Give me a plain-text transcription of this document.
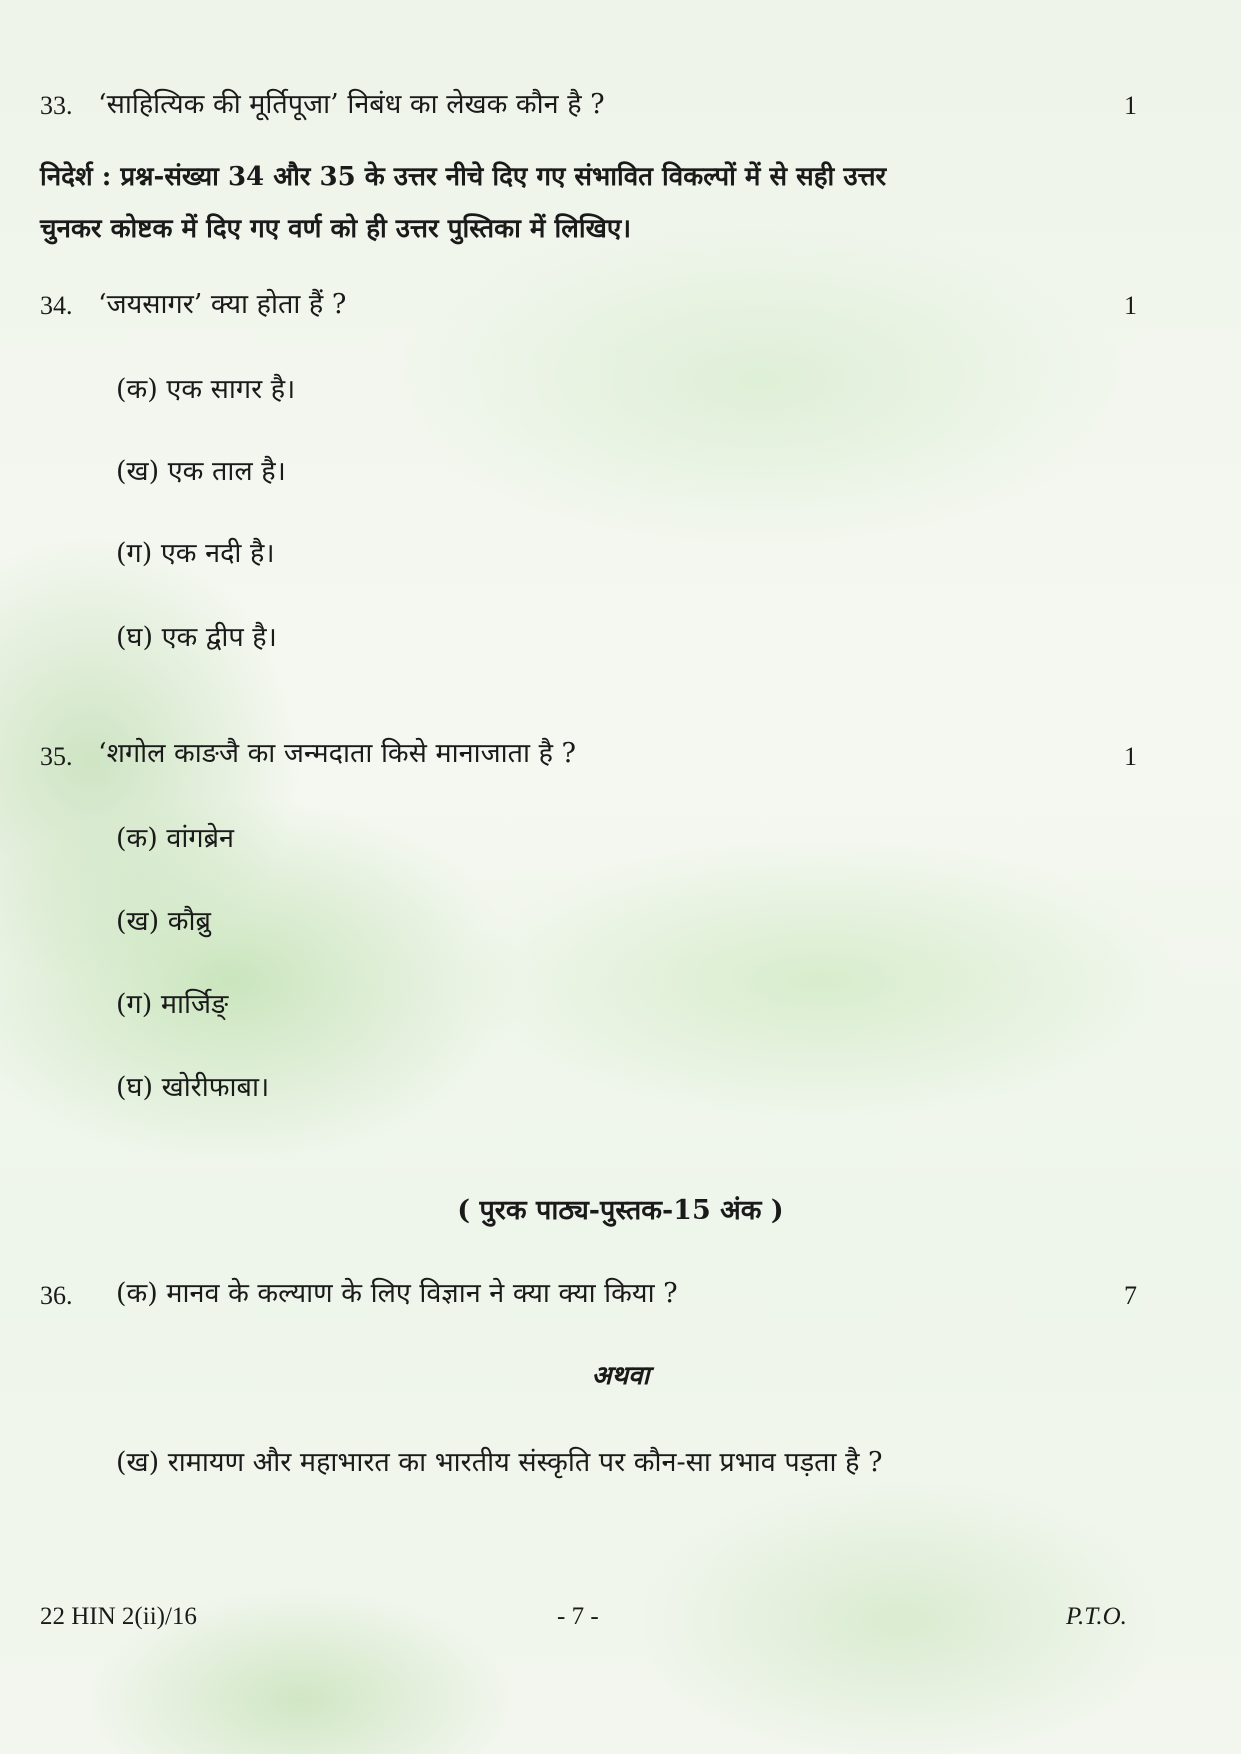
33. ‘साहित्यिक की मूर्तिपूजा’ निबंध का लेखक कौन है ?	1
निदेर्श : प्रश्न-संख्या 34 और 35 के उत्तर नीचे दिए गए संभावित विकल्पों में से सही उत्तर
चुनकर कोष्टक में दिए गए वर्ण को ही उत्तर पुस्तिका में लिखिए।
34. ‘जयसागर’ क्या होता हैं ?	1
(क) एक सागर है।
(ख) एक ताल है।
(ग) एक नदी है।
(घ) एक द्वीप है।
35. ‘शगोल काङजै का जन्मदाता किसे मानाजाता है ?	1
(क) वांगब्रेन
(ख) कौब्रु
(ग) मार्जिङ्
(घ) खोरीफाबा।
( पुरक पाठ्य-पुस्तक-15 अंक )
36. (क) मानव के कल्याण के लिए विज्ञान ने क्या क्या किया ?	7
अथवा
(ख) रामायण और महाभारत का भारतीय संस्कृति पर कौन-सा प्रभाव पड़ता है ?
22 HIN 2(ii)/16	- 7 -	P.T.O.
